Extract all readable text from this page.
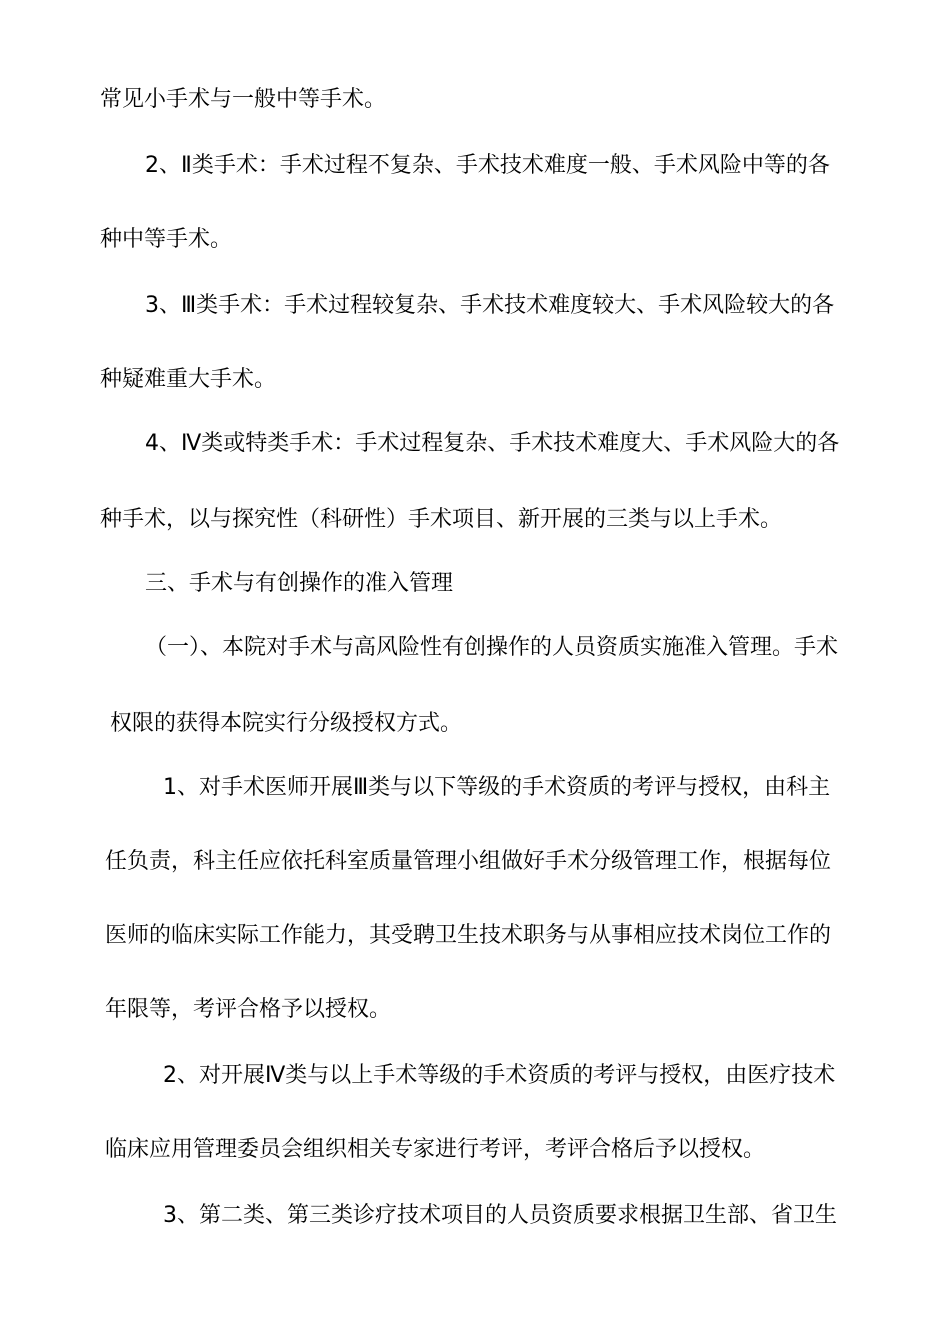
常见小手术与一般中等手术。
2、Ⅱ类手术：手术过程不复杂、手术技术难度一般、手术风险中等的各
种中等手术。
3、Ⅲ类手术：手术过程较复杂、手术技术难度较大、手术风险较大的各
种疑难重大手术。
4、Ⅳ类或特类手术：手术过程复杂、手术技术难度大、手术风险大的各
种手术，以与探究性（科研性）手术项目、新开展的三类与以上手术。
三、手术与有创操作的准入管理
（一）、本院对手术与高风险性有创操作的人员资质实施准入管理。手术
权限的获得本院实行分级授权方式。
1、对手术医师开展Ⅲ类与以下等级的手术资质的考评与授权，由科主
任负责，科主任应依托科室质量管理小组做好手术分级管理工作，根据每位
医师的临床实际工作能力，其受聘卫生技术职务与从事相应技术岗位工作的
年限等，考评合格予以授权。
2、对开展Ⅳ类与以上手术等级的手术资质的考评与授权，由医疗技术
临床应用管理委员会组织相关专家进行考评，考评合格后予以授权。
3、第二类、第三类诊疗技术项目的人员资质要求根据卫生部、省卫生
